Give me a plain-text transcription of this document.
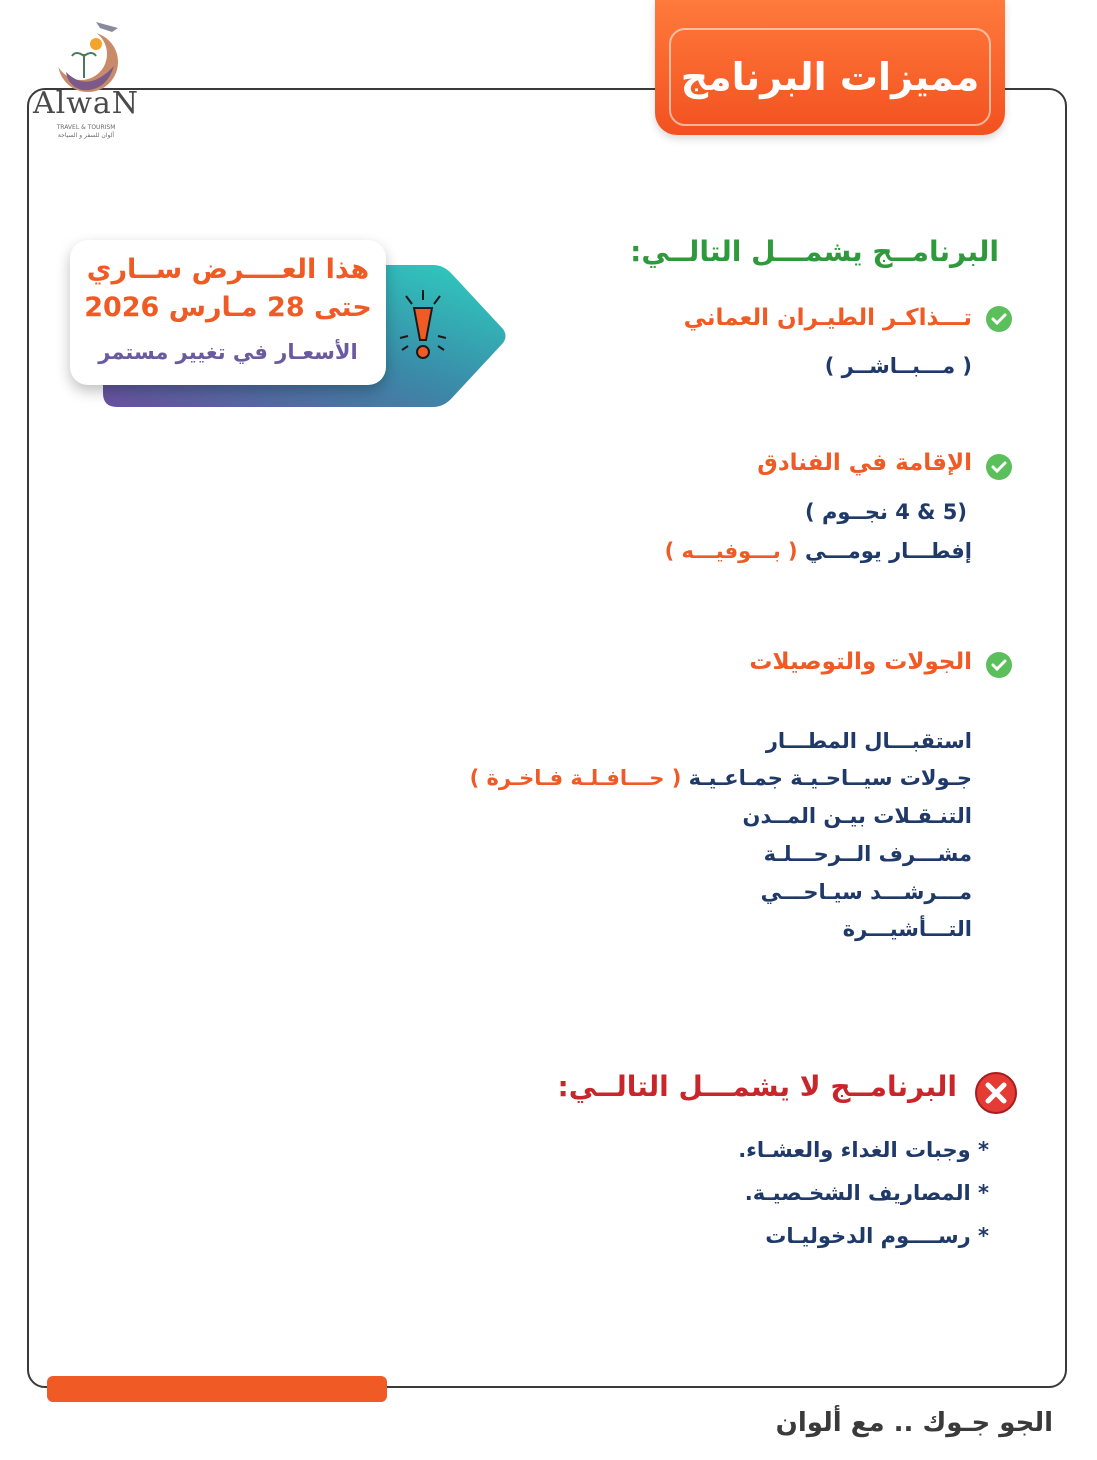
AlwaN
TRAVEL & TOURISM
ألوان للسفر و السياحة
مميزات البرنامج
هذا العــــرض ســاري
حتى 28 مـارس 2026
الأسعـار في تغيير مستمر
البرنامــج يشمـــل التالــي:
تـــذاكـر الطيـران العماني
( مـــبــاشــر )
الإقامة في الفنادق
(5 & 4 نجــوم )
إفطـــار يومـــي ( بـــوفيـــه )
الجولات والتوصيلات
استقبـــال المطـــار
جـولات سيــاحـيـة جمـاعـيـة ( حـــافـلـة فـاخـرة )
التنـقـلات بيـن المــدن
مشـــرف الــرحـــلـة
مـــرشـــد سيـاحـــي
التـــأشيـــرة
البرنامــج لا يشمـــل التالــي:
* وجبات الغداء والعشـاء.
* المصاريف الشخـصيـة.
* رســــوم الدخوليـات
الجو جـوك .. مع ألوان
